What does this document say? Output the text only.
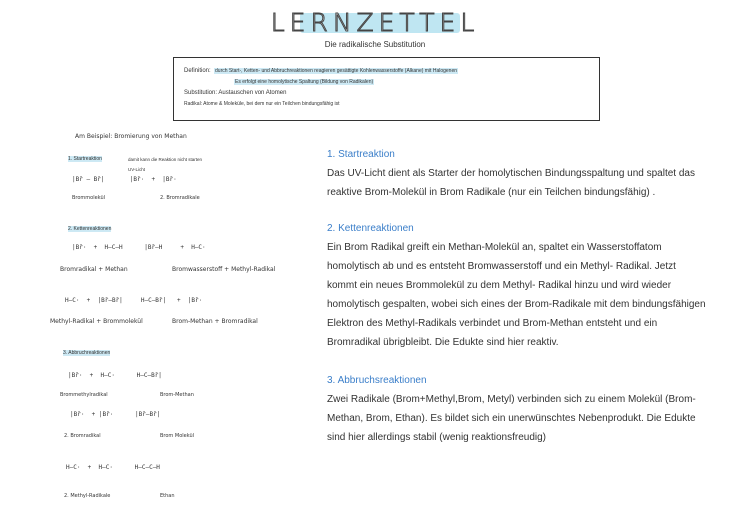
LERNZETTEL
Die radikalische Substitution
Definition: durch Start-, Ketten- und Abbruchreaktionen reagieren gesättigte Kohlenwasserstoffe (Alkane) mit Halogenen
Es erfolgt eine homolytische Spaltung (Bildung von Radikalen)
Substitution: Austauschen von Atomen
Radikal: Atome & Moleküle, bei dem nur ein Teilchen bindungsfähig ist
Am Beispiel: Bromierung von Methan
1. Startreaktion	damit kann die Reaktion nicht starten
UV-Licht
|Br̄ — Br̄|       |Br̄·  +  |Br̄·
Brommolekül	2. Bromradikale
2. Kettenreaktionen
|Br̄·  +  H—C—H      |Br̄—H     +  H—C·
Bromradikal + Methan	Bromwasserstoff + Methyl-Radikal
H—C·  +  |Br̄—Br̄|     H—C—Br̄|   +  |Br̄·
Methyl-Radikal + Brommolekül	Brom-Methan + Bromradikal
3. Abbruchreaktionen
|Br̄·  +  H—C·      H—C—Br̄|
Brommethylradikal	Brom-Methan
|Br̄·  + |Br̄·      |Br̄—Br̄|
2. Bromradikal	Brom Molekül
H—C·  +  H—C·      H—C—C—H
2. Methyl-Radikale	Ethan
1. Startreaktion
Das UV-Licht dient als Starter der homolytischen Bindungsspaltung und spaltet das
reaktive Brom-Molekül in Brom Radikale (nur ein Teilchen bindungsfähig) .
2. Kettenreaktionen
Ein Brom Radikal greift ein Methan-Molekül an, spaltet ein Wasserstoffatom
homolytisch ab und es entsteht Bromwasserstoff und ein Methyl- Radikal. Jetzt
kommt ein neues Brommolekül zu dem Methyl- Radikal hinzu und wird wieder
homolytisch gespalten, wobei sich eines der Brom-Radikale mit dem bindungsfähigen
Elektron des Methyl-Radikals verbindet und Brom-Methan entsteht und ein
Bromradikal übrigbleibt. Die Edukte sind hier reaktiv.
3. Abbruchsreaktionen
Zwei Radikale (Brom+Methyl,Brom, Metyl) verbinden sich zu einem Molekül (Brom-
Methan, Brom, Ethan). Es bildet sich ein unerwünschtes Nebenprodukt. Die Edukte
sind hier allerdings stabil (wenig reaktionsfreudig)
